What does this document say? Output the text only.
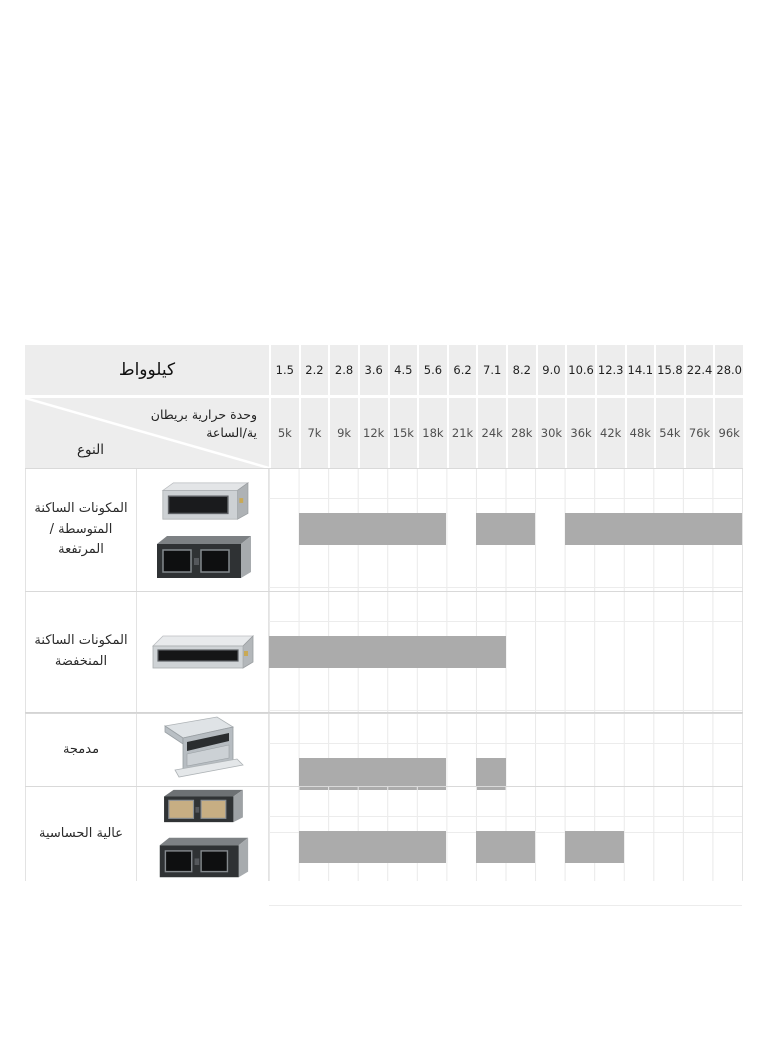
كيلوواط	1.5 2.2 2.8 3.6 4.5 5.6 6.2 7.1 8.2 9.0 10.6 12.3 14.1 15.8 22.4 28.0
وحدة حرارية بريطان
ية/الساعة
النوع
5k	7k	9k	12k 15k 18k 21k 24k 28k 30k 36k 42k 48k 54k 76k 96k
المكونات الساكنة
المتوسطة / المرتفعة
المكونات الساكنة
المنخفضة
مدمجة
عالية الحساسية
